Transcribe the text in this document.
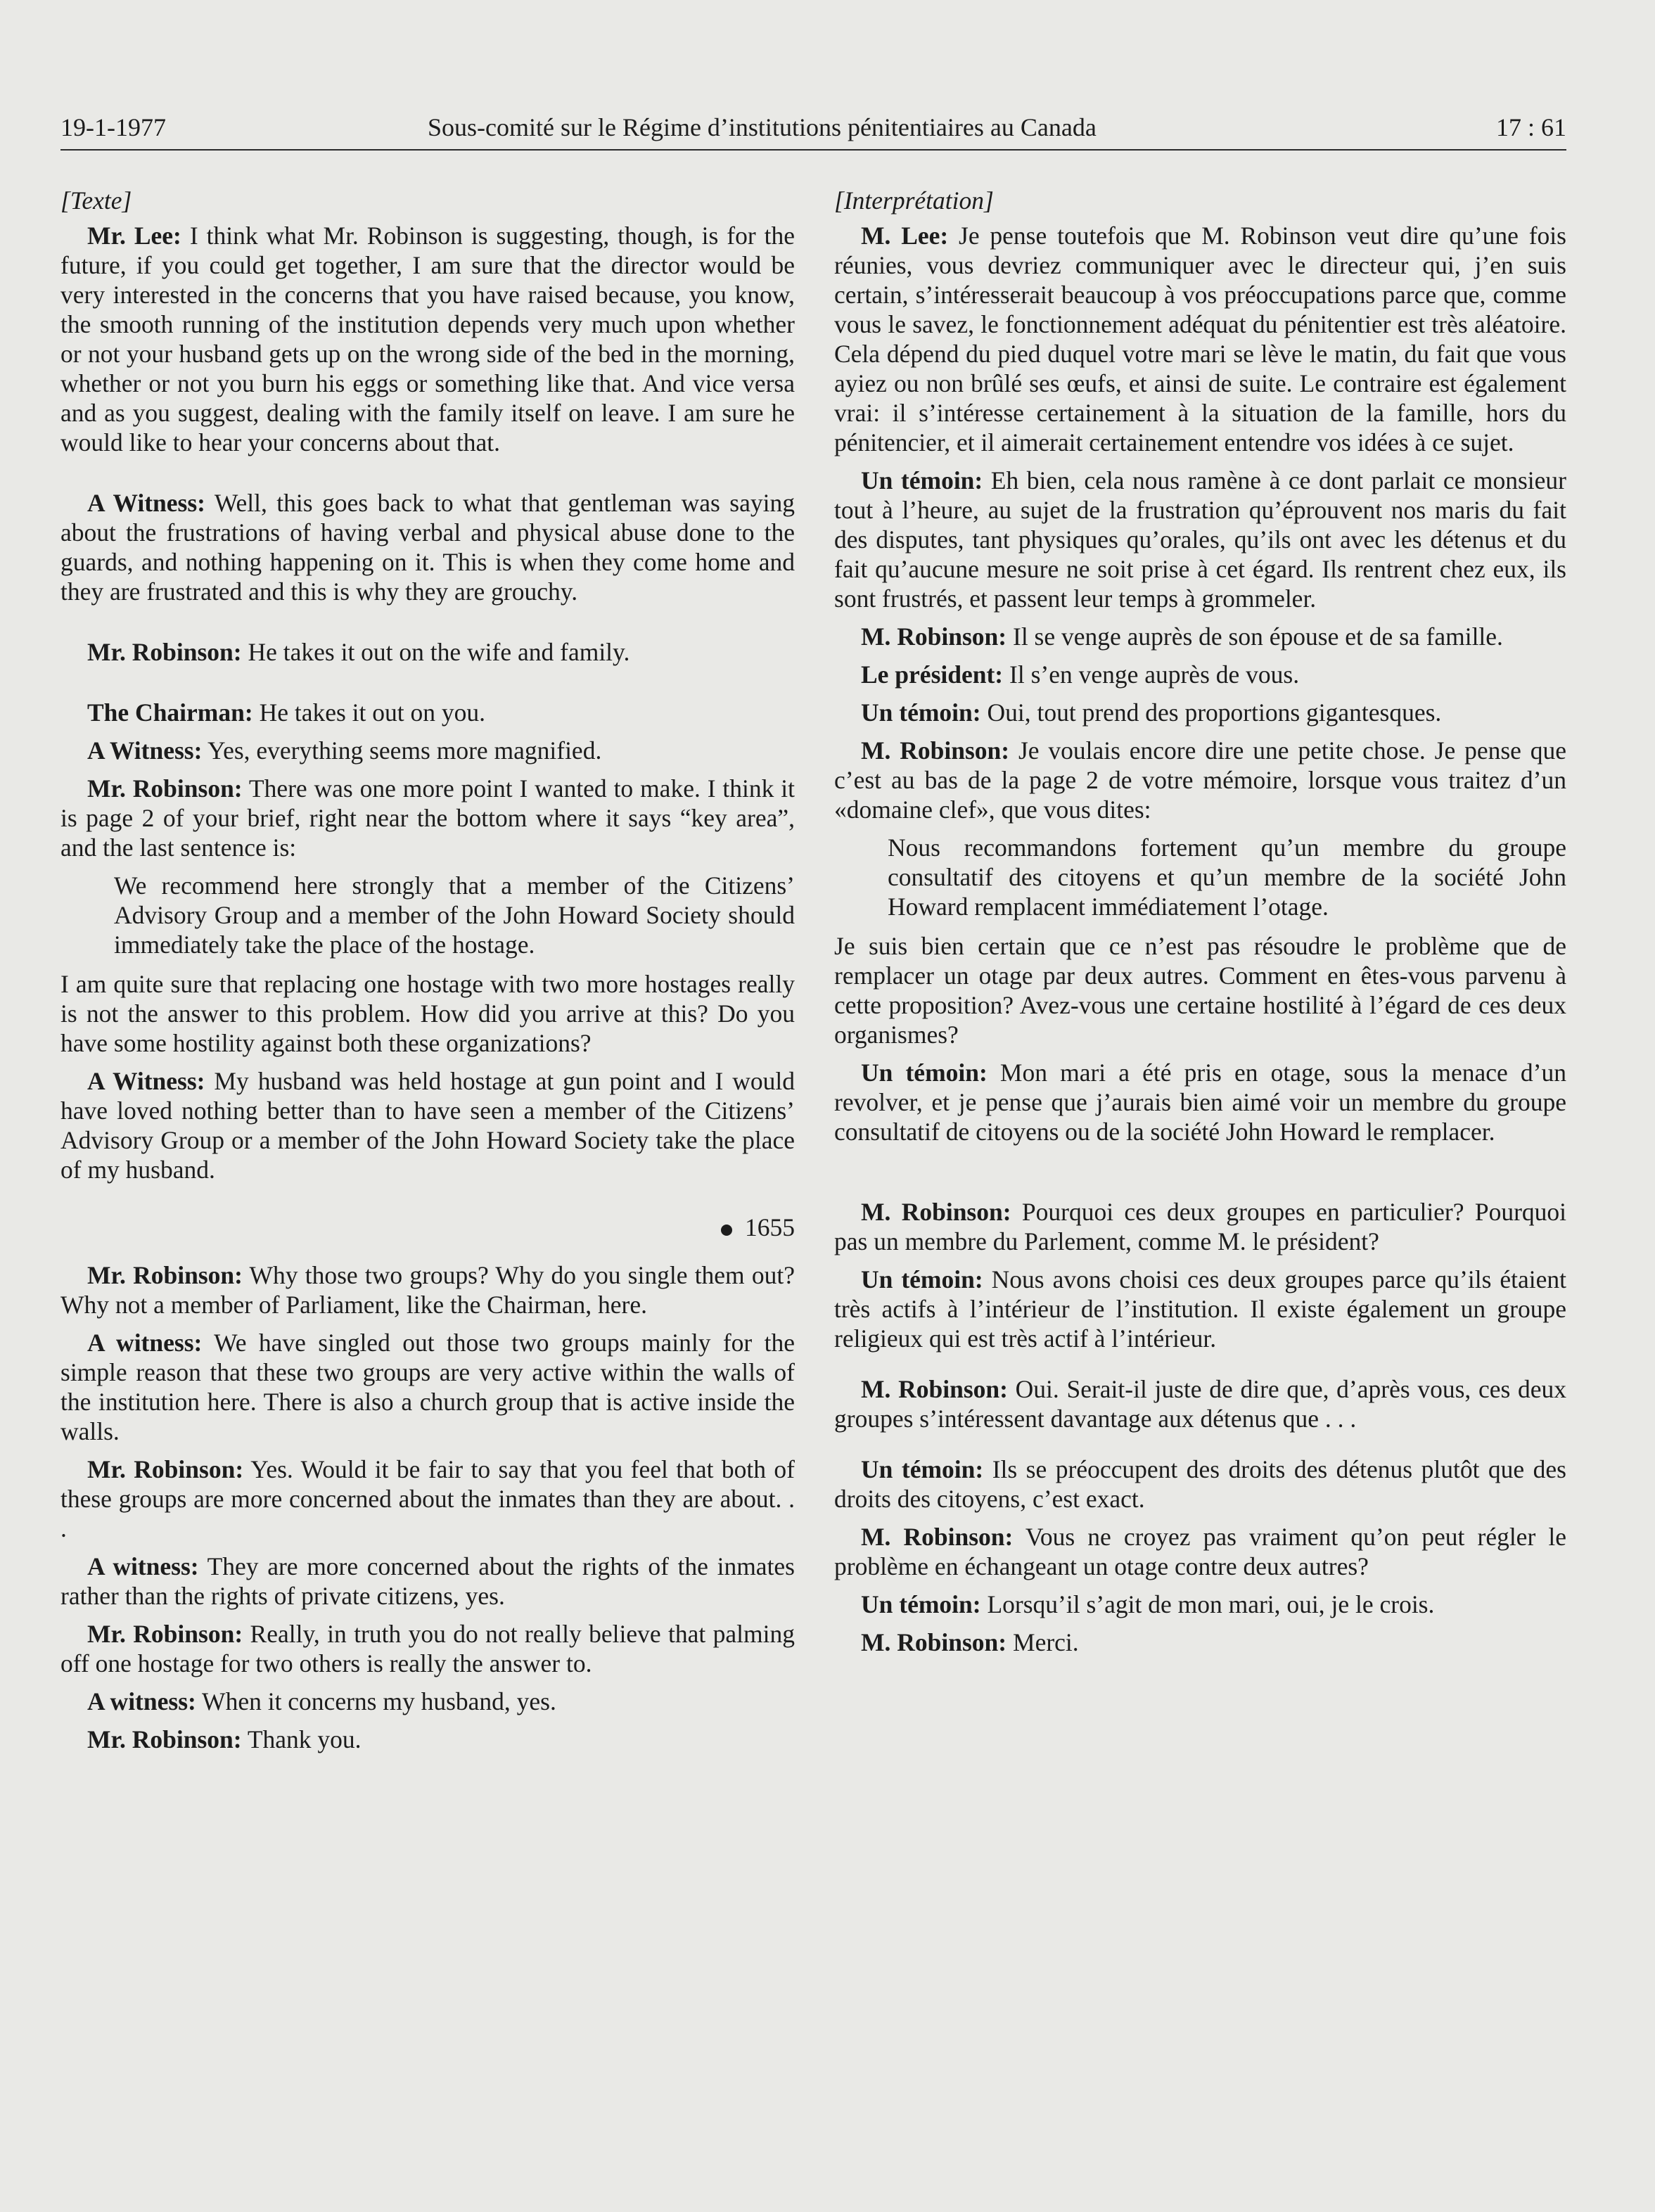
19-1-1977	Sous-comité sur le Régime d’institutions pénitentiaires au Canada	17 : 61

[Texte]

Mr. Lee: I think what Mr. Robinson is suggesting, though, is for the future, if you could get together, I am sure that the director would be very interested in the concerns that you have raised because, you know, the smooth running of the institution depends very much upon whether or not your husband gets up on the wrong side of the bed in the morning, whether or not you burn his eggs or something like that. And vice versa and as you suggest, dealing with the family itself on leave. I am sure he would like to hear your concerns about that.

A Witness: Well, this goes back to what that gentleman was saying about the frustrations of having verbal and physical abuse done to the guards, and nothing happening on it. This is when they come home and they are frustrated and this is why they are grouchy.

Mr. Robinson: He takes it out on the wife and family.

The Chairman: He takes it out on you.

A Witness: Yes, everything seems more magnified.

Mr. Robinson: There was one more point I wanted to make. I think it is page 2 of your brief, right near the bottom where it says “key area”, and the last sentence is:

We recommend here strongly that a member of the Citizens’ Advisory Group and a member of the John Howard Society should immediately take the place of the hostage.

I am quite sure that replacing one hostage with two more hostages really is not the answer to this problem. How did you arrive at this? Do you have some hostility against both these organizations?

A Witness: My husband was held hostage at gun point and I would have loved nothing better than to have seen a member of the Citizens’ Advisory Group or a member of the John Howard Society take the place of my husband.

1655

Mr. Robinson: Why those two groups? Why do you single them out? Why not a member of Parliament, like the Chairman, here.

A witness: We have singled out those two groups mainly for the simple reason that these two groups are very active within the walls of the institution here. There is also a church group that is active inside the walls.

Mr. Robinson: Yes. Would it be fair to say that you feel that both of these groups are more concerned about the inmates than they are about. . .

A witness: They are more concerned about the rights of the inmates rather than the rights of private citizens, yes.

Mr. Robinson: Really, in truth you do not really believe that palming off one hostage for two others is really the answer to.

A witness: When it concerns my husband, yes.

Mr. Robinson: Thank you.

[Interprétation]

M. Lee: Je pense toutefois que M. Robinson veut dire qu’une fois réunies, vous devriez communiquer avec le directeur qui, j’en suis certain, s’intéresserait beaucoup à vos préoccupations parce que, comme vous le savez, le fonctionnement adéquat du pénitentier est très aléatoire. Cela dépend du pied duquel votre mari se lève le matin, du fait que vous ayiez ou non brûlé ses œufs, et ainsi de suite. Le contraire est également vrai: il s’intéresse certainement à la situation de la famille, hors du pénitencier, et il aimerait certainement entendre vos idées à ce sujet.

Un témoin: Eh bien, cela nous ramène à ce dont parlait ce monsieur tout à l’heure, au sujet de la frustration qu’éprouvent nos maris du fait des disputes, tant physiques qu’orales, qu’ils ont avec les détenus et du fait qu’aucune mesure ne soit prise à cet égard. Ils rentrent chez eux, ils sont frustrés, et passent leur temps à grommeler.

M. Robinson: Il se venge auprès de son épouse et de sa famille.

Le président: Il s’en venge auprès de vous.

Un témoin: Oui, tout prend des proportions gigantesques.

M. Robinson: Je voulais encore dire une petite chose. Je pense que c’est au bas de la page 2 de votre mémoire, lorsque vous traitez d’un «domaine clef», que vous dites:

Nous recommandons fortement qu’un membre du groupe consultatif des citoyens et qu’un membre de la société John Howard remplacent immédiatement l’otage.

Je suis bien certain que ce n’est pas résoudre le problème que de remplacer un otage par deux autres. Comment en êtes-vous parvenu à cette proposition? Avez-vous une certaine hostilité à l’égard de ces deux organismes?

Un témoin: Mon mari a été pris en otage, sous la menace d’un revolver, et je pense que j’aurais bien aimé voir un membre du groupe consultatif de citoyens ou de la société John Howard le remplacer.

M. Robinson: Pourquoi ces deux groupes en particulier? Pourquoi pas un membre du Parlement, comme M. le président?

Un témoin: Nous avons choisi ces deux groupes parce qu’ils étaient très actifs à l’intérieur de l’institution. Il existe également un groupe religieux qui est très actif à l’intérieur.

M. Robinson: Oui. Serait-il juste de dire que, d’après vous, ces deux groupes s’intéressent davantage aux détenus que . . .

Un témoin: Ils se préoccupent des droits des détenus plutôt que des droits des citoyens, c’est exact.

M. Robinson: Vous ne croyez pas vraiment qu’on peut régler le problème en échangeant un otage contre deux autres?

Un témoin: Lorsqu’il s’agit de mon mari, oui, je le crois.

M. Robinson: Merci.
